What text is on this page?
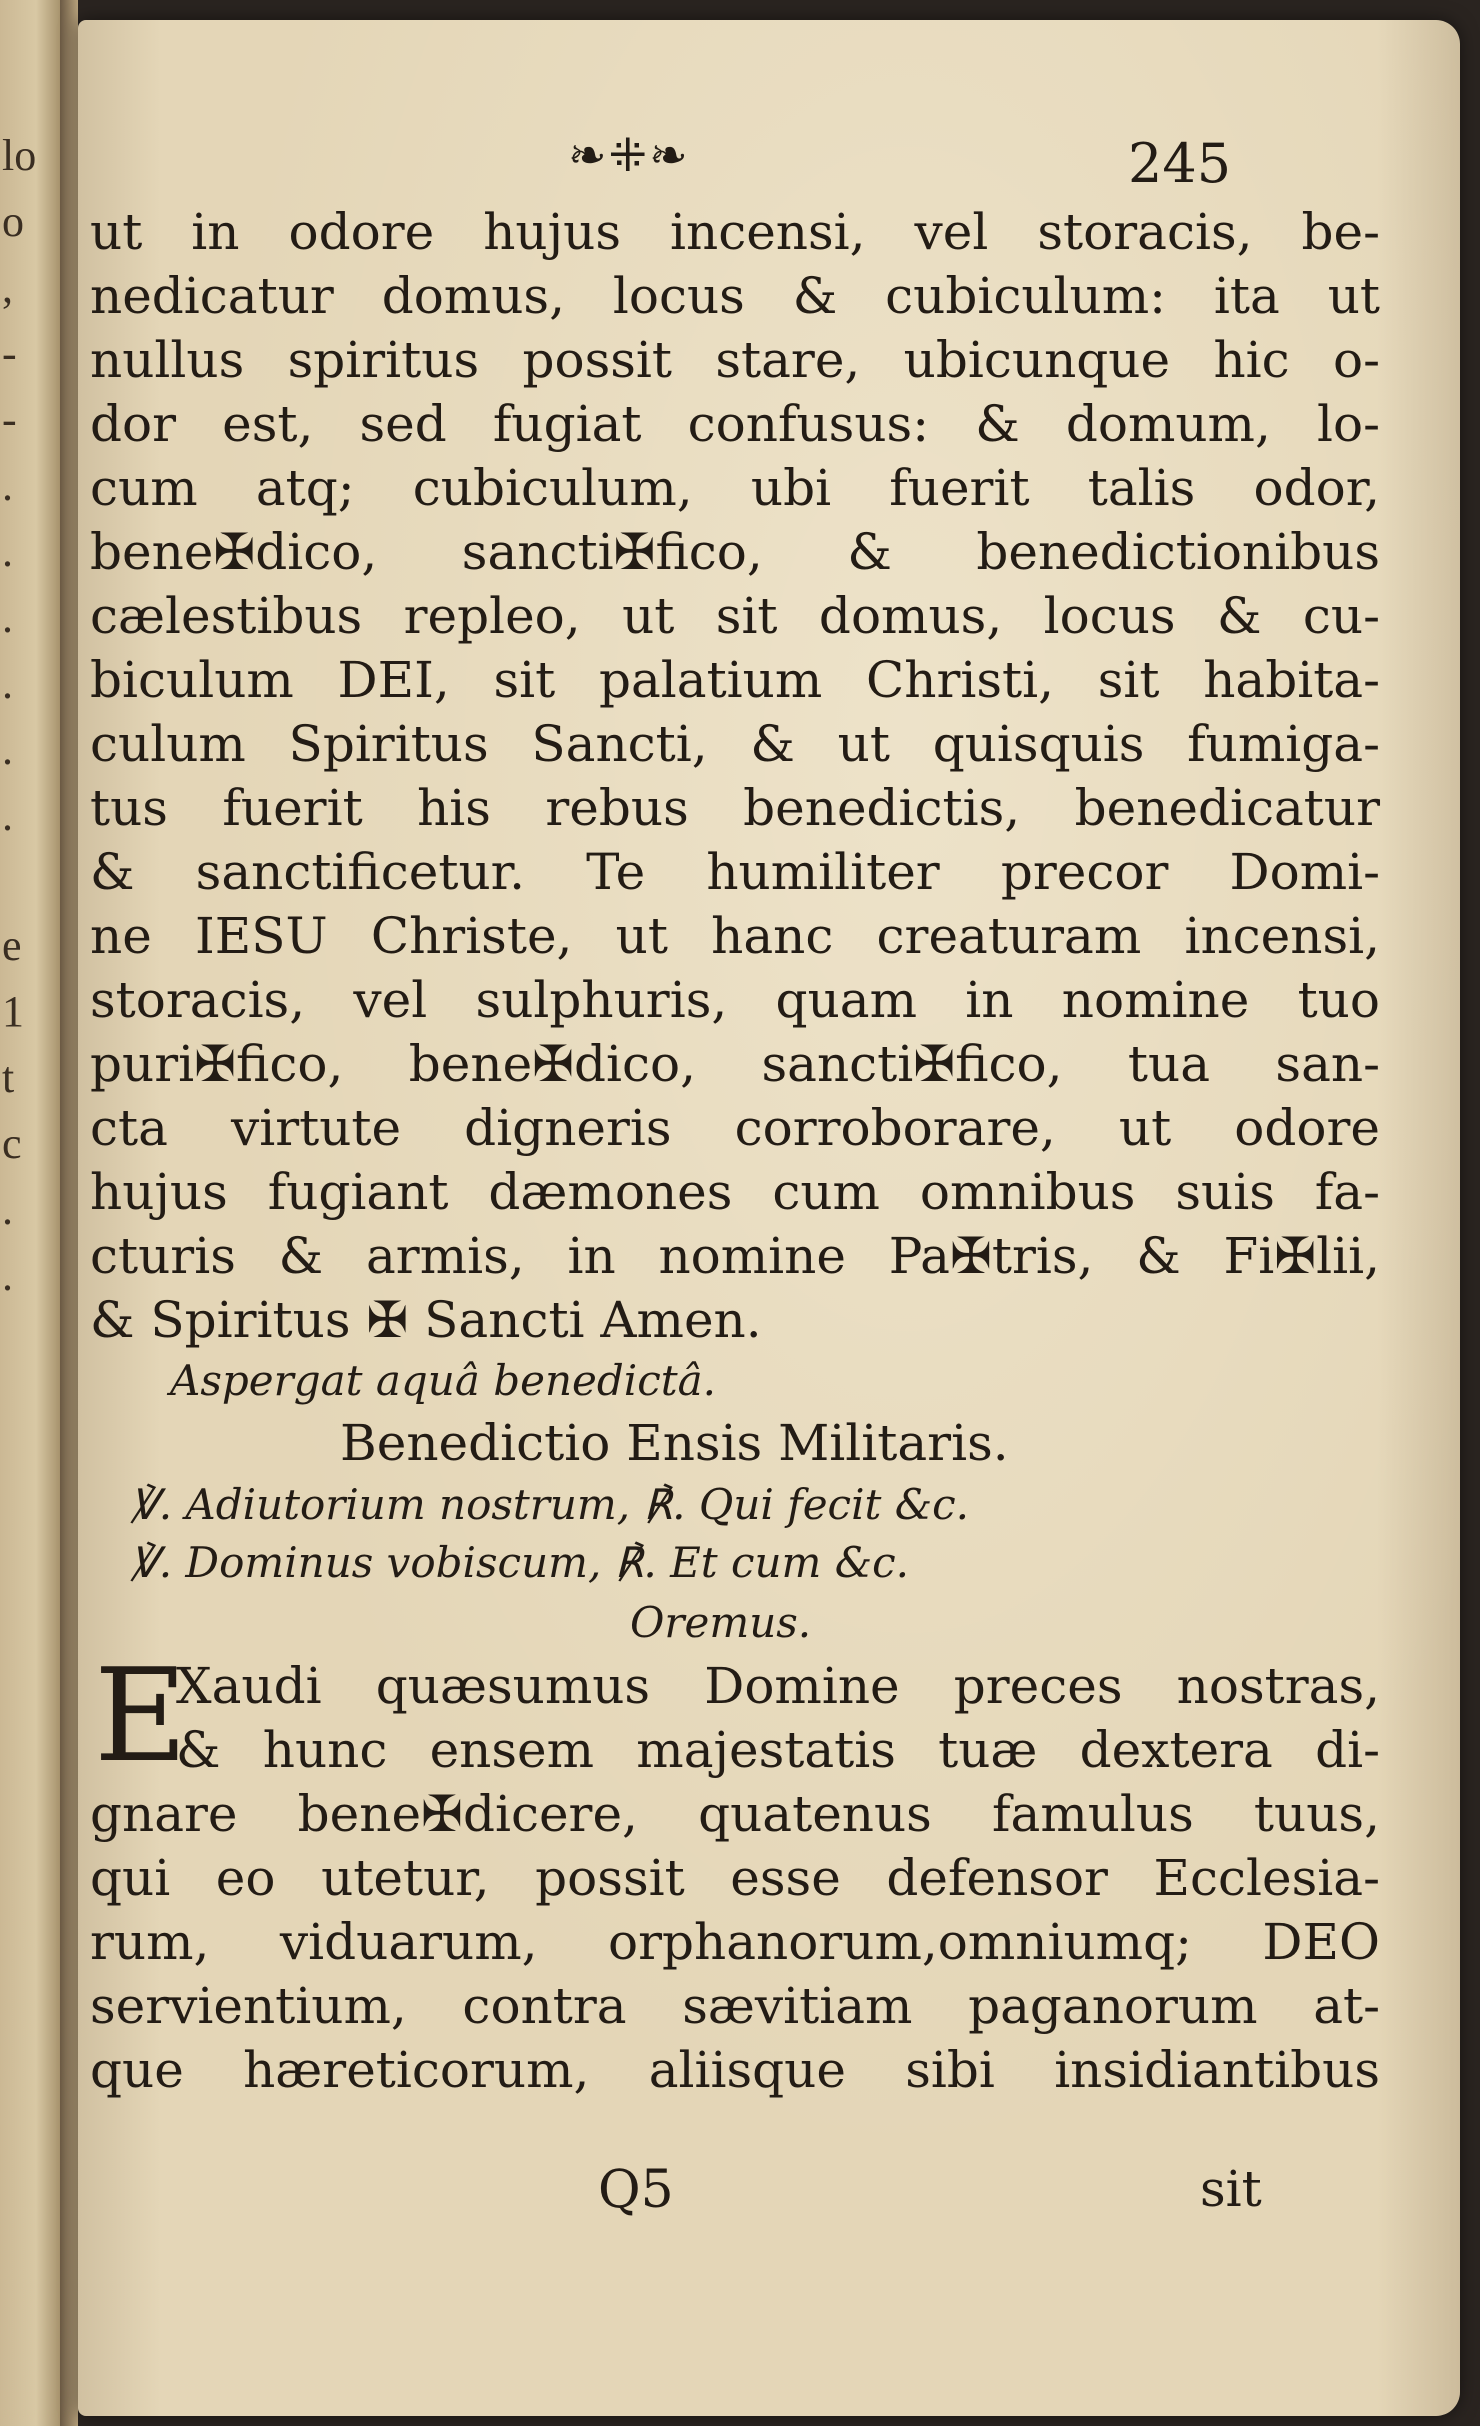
lo
o
,
-
-
.
.
.
.
.
.
e
1
t
c
.
.
❧⁜❧	245
ut in odore hujus incensi, vel storacis, be-
nedicatur domus, locus & cubiculum: ita ut
nullus spiritus possit stare, ubicunque hic o-
dor est, sed fugiat confusus: & domum, lo-
cum atq; cubiculum, ubi fuerit talis odor,
bene✠dico, sancti✠fico, & benedictionibus
cælestibus repleo, ut sit domus, locus & cu-
biculum DEI, sit palatium Christi, sit habita-
culum Spiritus Sancti, & ut quisquis fumiga-
tus fuerit his rebus benedictis, benedicatur
& sanctificetur. Te humiliter precor Domi-
ne IESU Christe, ut hanc creaturam incensi,
storacis, vel sulphuris, quam in nomine tuo
puri✠fico, bene✠dico, sancti✠fico, tua san-
cta virtute digneris corroborare, ut odore
hujus fugiant dæmones cum omnibus suis fa-
cturis & armis, in nomine Pa✠tris, & Fi✠lii,
& Spiritus ✠ Sancti Amen.
Aspergat aquâ benedictâ.
Benedictio Ensis Militaris.
℣. Adiutorium nostrum, ℟. Qui fecit &c.
℣. Dominus vobiscum, ℟. Et cum &c.
Oremus.
E
Xaudi quæsumus Domine preces nostras,
& hunc ensem majestatis tuæ dextera di-
gnare bene✠dicere, quatenus famulus tuus,
qui eo utetur, possit esse defensor Ecclesia-
rum, viduarum, orphanorum,omniumq; DEO
servientium, contra sævitiam paganorum at-
que hæreticorum, aliisque sibi insidiantibus
Q5	sit
